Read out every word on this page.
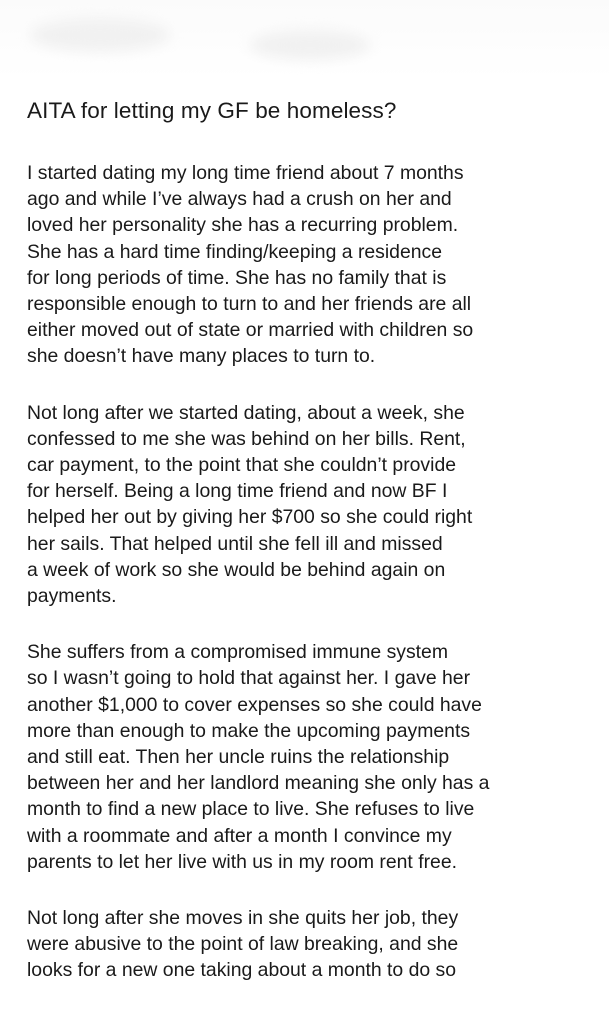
AITA for letting my GF be homeless?

I started dating my long time friend about 7 months
ago and while I’ve always had a crush on her and
loved her personality she has a recurring problem.
She has a hard time finding/keeping a residence
for long periods of time. She has no family that is
responsible enough to turn to and her friends are all
either moved out of state or married with children so
she doesn’t have many places to turn to.

Not long after we started dating, about a week, she
confessed to me she was behind on her bills. Rent,
car payment, to the point that she couldn’t provide
for herself. Being a long time friend and now BF I
helped her out by giving her $700 so she could right
her sails. That helped until she fell ill and missed
a week of work so she would be behind again on
payments.

She suffers from a compromised immune system
so I wasn’t going to hold that against her. I gave her
another $1,000 to cover expenses so she could have
more than enough to make the upcoming payments
and still eat. Then her uncle ruins the relationship
between her and her landlord meaning she only has a
month to find a new place to live. She refuses to live
with a roommate and after a month I convince my
parents to let her live with us in my room rent free.

Not long after she moves in she quits her job, they
were abusive to the point of law breaking, and she
looks for a new one taking about a month to do so
